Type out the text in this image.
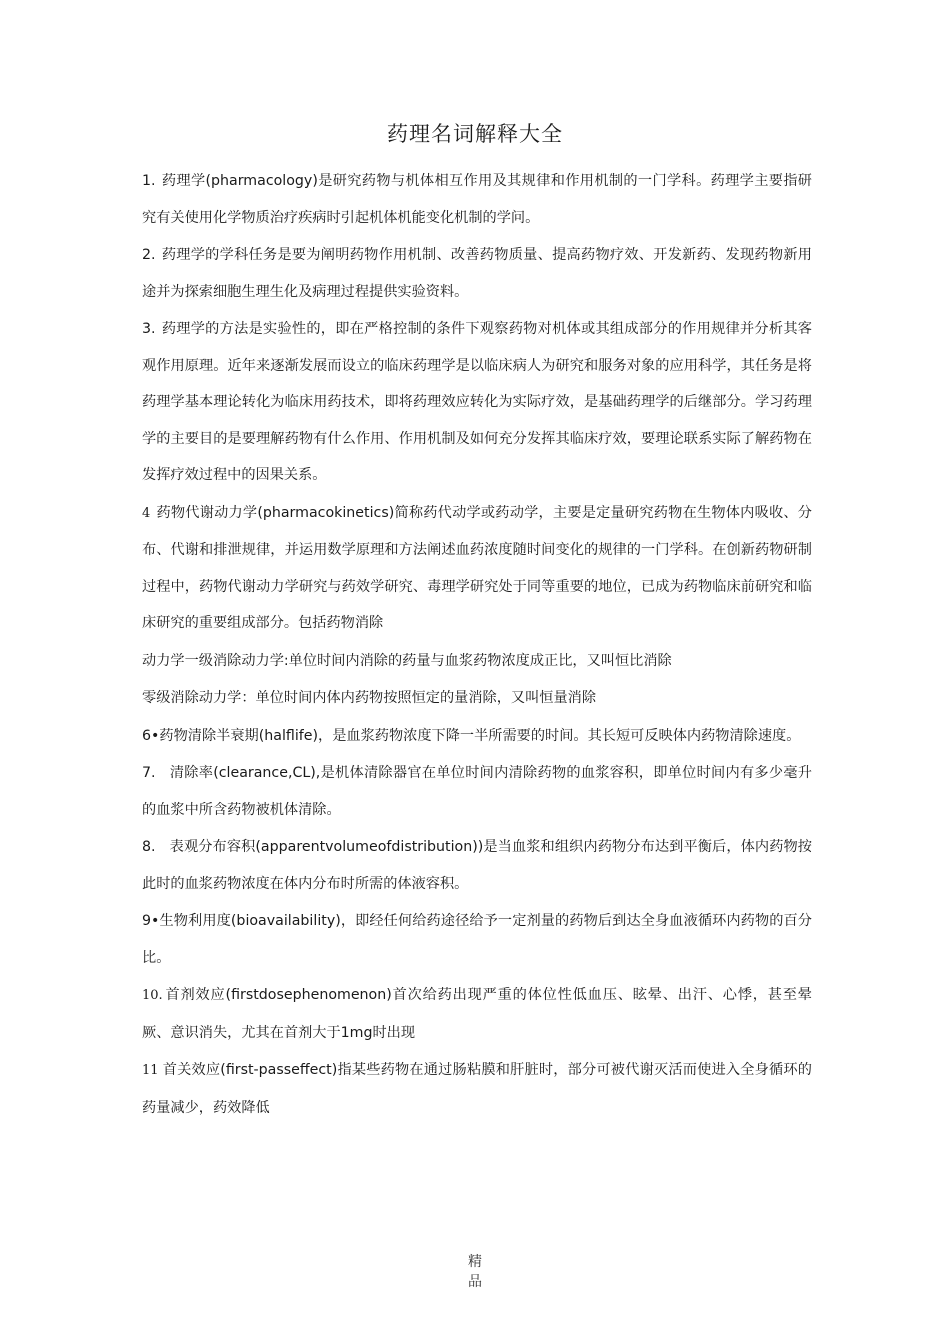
药理名词解释大全

1. 药理学(pharmacology)是研究药物与机体相互作用及其规律和作用机制的一门学科。药理学主要指研究有关使用化学物质治疗疾病时引起机体机能变化机制的学问。

2. 药理学的学科任务是要为阐明药物作用机制、改善药物质量、提高药物疗效、开发新药、发现药物新用途并为探索细胞生理生化及病理过程提供实验资料。

3. 药理学的方法是实验性的，即在严格控制的条件下观察药物对机体或其组成部分的作用规律并分析其客观作用原理。近年来逐渐发展而设立的临床药理学是以临床病人为研究和服务对象的应用科学，其任务是将药理学基本理论转化为临床用药技术，即将药理效应转化为实际疗效，是基础药理学的后继部分。学习药理学的主要目的是要理解药物有什么作用、作用机制及如何充分发挥其临床疗效，要理论联系实际了解药物在发挥疗效过程中的因果关系。

4 药物代谢动力学(pharmacokinetics)简称药代动学或药动学，主要是定量研究药物在生物体内吸收、分布、代谢和排泄规律，并运用数学原理和方法阐述血药浓度随时间变化的规律的一门学科。在创新药物研制过程中，药物代谢动力学研究与药效学研究、毒理学研究处于同等重要的地位，已成为药物临床前研究和临床研究的重要组成部分。包括药物消除

动力学一级消除动力学:单位时间内消除的药量与血浆药物浓度成正比，又叫恒比消除

零级消除动力学：单位时间内体内药物按照恒定的量消除，又叫恒量消除

6•药物清除半衰期(halflife)，是血浆药物浓度下降一半所需要的时间。其长短可反映体内药物清除速度。

7. 清除率(clearance,CL),是机体清除器官在单位时间内清除药物的血浆容积，即单位时间内有多少毫升的血浆中所含药物被机体清除。

8. 表观分布容积(apparentvolumeofdistribution))是当血浆和组织内药物分布达到平衡后，体内药物按此时的血浆药物浓度在体内分布时所需的体液容积。

9•生物利用度(bioavailability)，即经任何给药途径给予一定剂量的药物后到达全身血液循环内药物的百分比。

10. 首剂效应(firstdosephenomenon)首次给药出现严重的体位性低血压、眩晕、出汗、心悸，甚至晕厥、意识消失，尤其在首剂大于1mg时出现

11 首关效应(first-passeffect)指某些药物在通过肠粘膜和肝脏时，部分可被代谢灭活而使进入全身循环的药量减少，药效降低

精
品
